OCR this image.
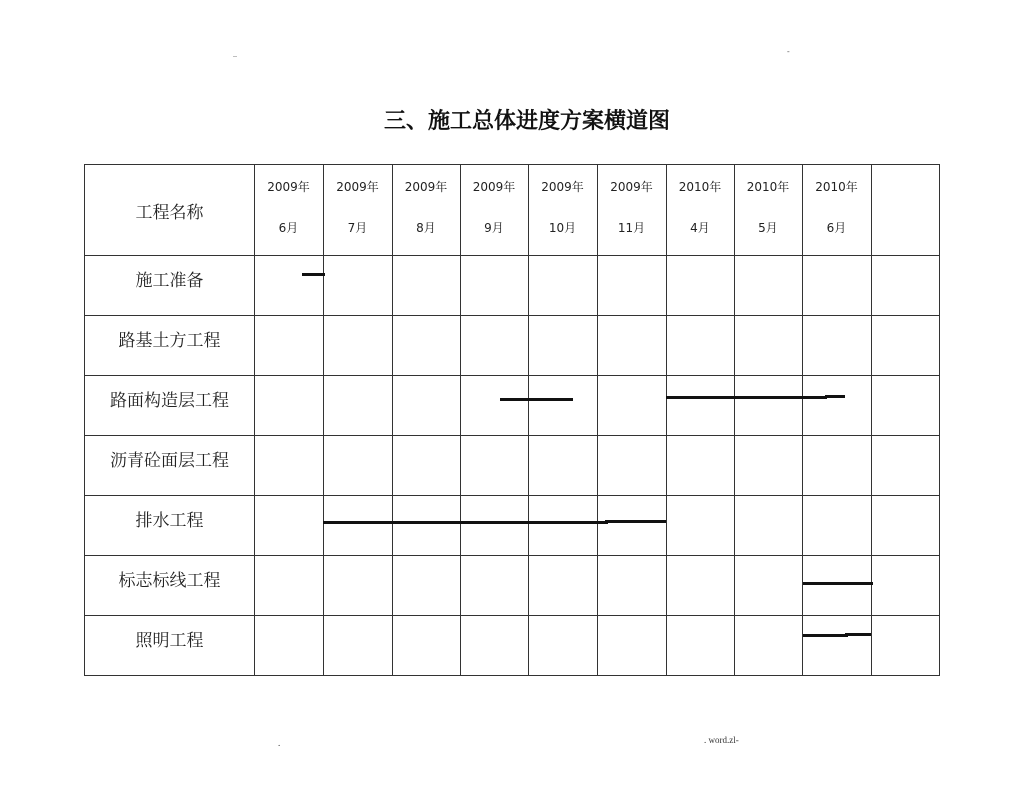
..	-
三、施工总体进度方案横道图
工程名称
2009年
6月
2009年
7月
2009年
8月
2009年
9月
2009年
10月
2009年
11月
2010年
4月
2010年
5月
2010年
6月
施工准备
路基土方工程
路面构造层工程
沥青砼面层工程
排水工程
标志标线工程
照明工程
.	. word.zl-
